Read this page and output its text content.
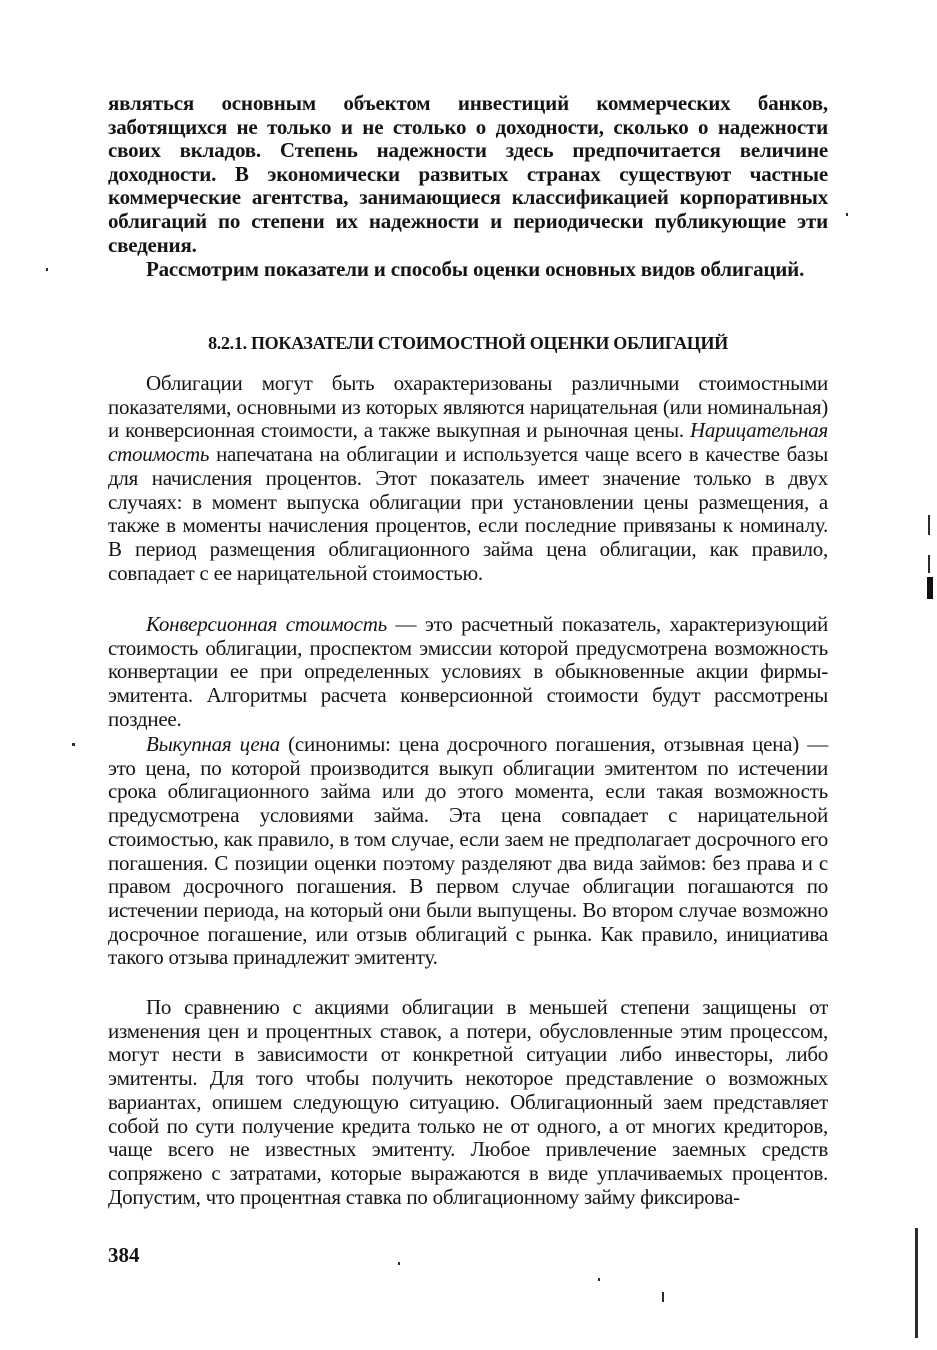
являться основным объектом инвестиций коммерческих банков, заботящихся не только и не столько о доходности, сколько о надежности своих вкладов. Степень надежности здесь предпочитается величине доходности. В экономически развитых странах существуют частные коммерческие агентства, занимающиеся классификацией корпоративных облигаций по степени их надежности и периодически публикующие эти сведения.

Рассмотрим показатели и способы оценки основных видов облигаций.

8.2.1. ПОКАЗАТЕЛИ СТОИМОСТНОЙ ОЦЕНКИ ОБЛИГАЦИЙ

Облигации могут быть охарактеризованы различными стоимостными показателями, основными из которых являются нарицательная (или номинальная) и конверсионная стоимости, а также выкупная и рыночная цены. Нарицательная стоимость напечатана на облигации и используется чаще всего в качестве базы для начисления процентов. Этот показатель имеет значение только в двух случаях: в момент выпуска облигации при установлении цены размещения, а также в моменты начисления процентов, если последние привязаны к номиналу. В период размещения облигационного займа цена облигации, как правило, совпадает с ее нарицательной стоимостью.

Конверсионная стоимость — это расчетный показатель, характеризующий стоимость облигации, проспектом эмиссии которой предусмотрена возможность конвертации ее при определенных условиях в обыкновенные акции фирмы-эмитента. Алгоритмы расчета конверсионной стоимости будут рассмотрены позднее.

Выкупная цена (синонимы: цена досрочного погашения, отзывная цена) — это цена, по которой производится выкуп облигации эмитентом по истечении срока облигационного займа или до этого момента, если такая возможность предусмотрена условиями займа. Эта цена совпадает с нарицательной стоимостью, как правило, в том случае, если заем не предполагает досрочного его погашения. С позиции оценки поэтому разделяют два вида займов: без права и с правом досрочного погашения. В первом случае облигации погашаются по истечении периода, на который они были выпущены. Во втором случае возможно досрочное погашение, или отзыв облигаций с рынка. Как правило, инициатива такого отзыва принадлежит эмитенту.

По сравнению с акциями облигации в меньшей степени защищены от изменения цен и процентных ставок, а потери, обусловленные этим процессом, могут нести в зависимости от конкретной ситуации либо инвесторы, либо эмитенты. Для того чтобы получить некоторое представление о возможных вариантах, опишем следующую ситуацию. Облигационный заем представляет собой по сути получение кредита только не от одного, а от многих кредиторов, чаще всего не известных эмитенту. Любое привлечение заемных средств сопряжено с затратами, которые выражаются в виде уплачиваемых процентов. Допустим, что процентная ставка по облигационному займу фиксирова-

384
